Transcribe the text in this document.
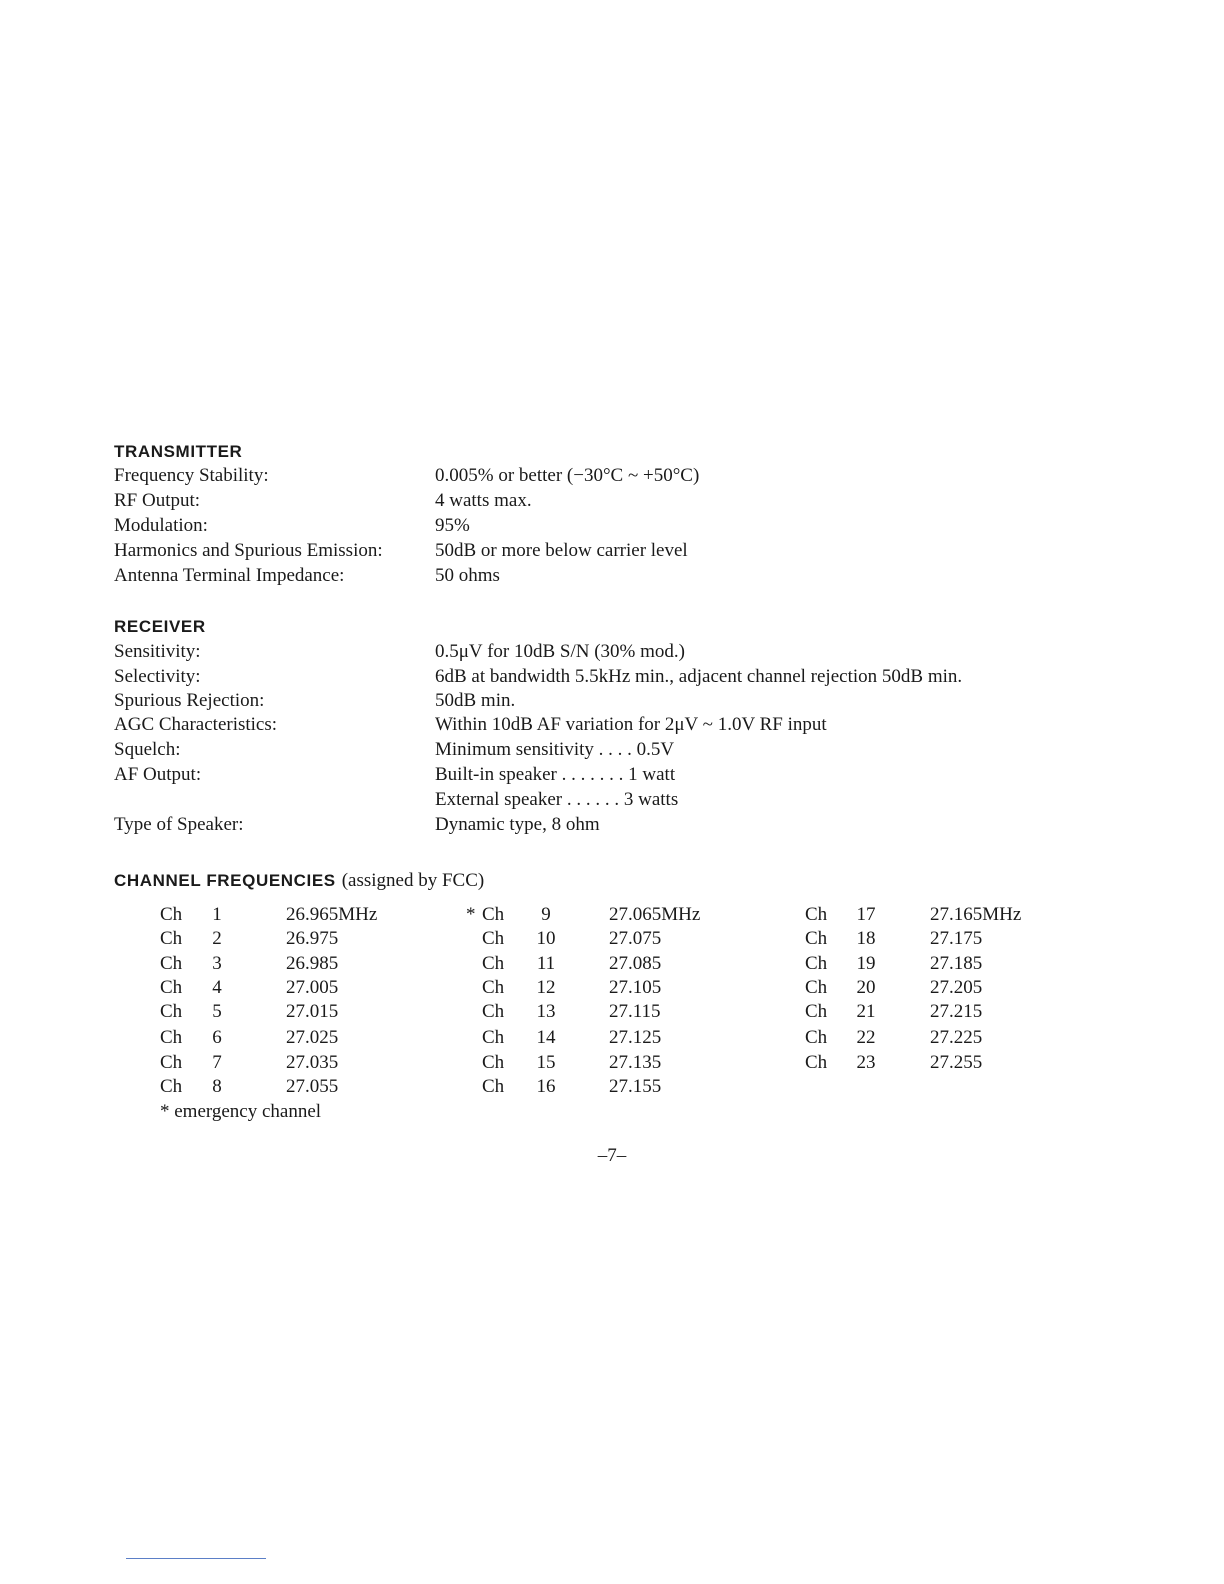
TRANSMITTER
Frequency Stability:	0.005% or better (−30°C ~ +50°C)
RF Output:	4 watts max.
Modulation:	95%
Harmonics and Spurious Emission:	50dB or more below carrier level
Antenna Terminal Impedance:	50 ohms
RECEIVER
Sensitivity:	0.5μV for 10dB S/N (30% mod.)
Selectivity:	6dB at bandwidth 5.5kHz min., adjacent channel rejection 50dB min.
Spurious Rejection:	50dB min.
AGC Characteristics:	Within 10dB AF variation for 2μV ~ 1.0V RF input
Squelch:	Minimum sensitivity . . . . 0.5V
AF Output:	Built-in speaker . . . . . . . 1 watt
External speaker . . . . . . 3 watts
Type of Speaker:	Dynamic type, 8 ohm
CHANNEL FREQUENCIES (assigned by FCC)
Ch	1	26.965MHz	* Ch	9	27.065MHz	Ch 17	27.165MHz
Ch	2	26.975	Ch 10	27.075	Ch 18	27.175
Ch	3	26.985	Ch 11	27.085	Ch 19	27.185
Ch	4	27.005	Ch 12	27.105	Ch 20	27.205
Ch	5	27.015	Ch 13	27.115	Ch 21	27.215
Ch	6	27.025	Ch 14	27.125	Ch 22	27.225
Ch	7	27.035	Ch 15	27.135	Ch 23	27.255
Ch	8	27.055	Ch 16	27.155
* emergency channel
–7–
